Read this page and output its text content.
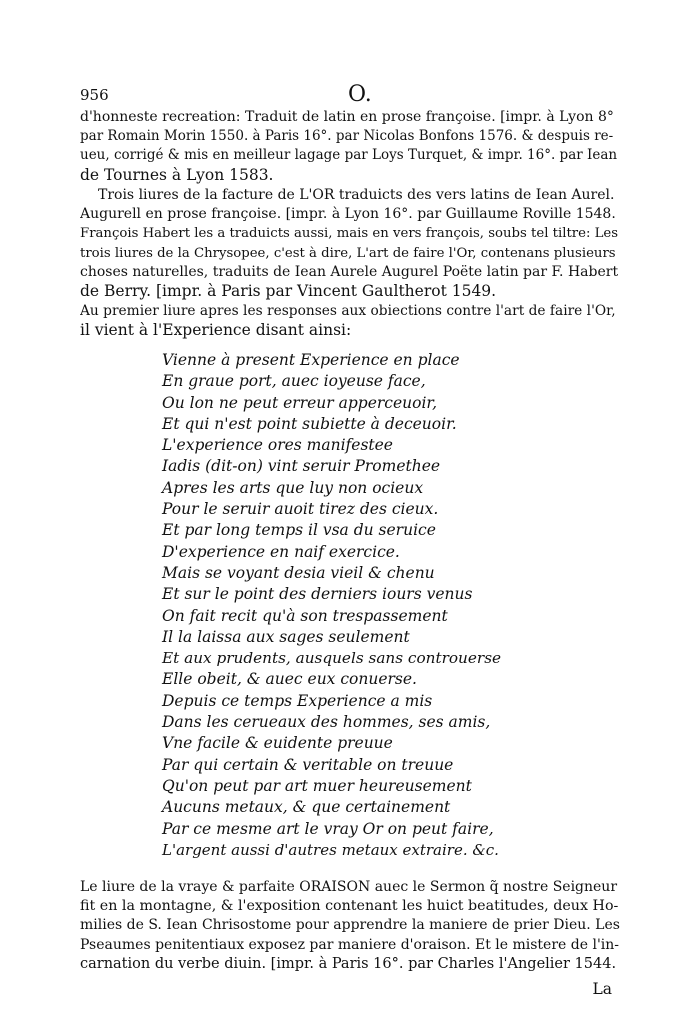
956	O.
d'honneste recreation: Traduit de latin en prose françoise. [impr. à Lyon 8°
par Romain Morin 1550. à Paris 16°. par Nicolas Bonfons 1576. & despuis re-
ueu, corrigé & mis en meilleur lagage par Loys Turquet, & impr. 16°. par Iean
de Tournes à Lyon 1583.
Trois liures de la facture de L'OR traduicts des vers latins de Iean Aurel.
Augurell en prose françoise. [impr. à Lyon 16°. par Guillaume Roville 1548.
François Habert les a traduicts aussi, mais en vers françois, soubs tel tiltre: Les
trois liures de la Chrysopee, c'est à dire, L'art de faire l'Or, contenans plusieurs
choses naturelles, traduits de Iean Aurele Augurel Poëte latin par F. Habert
de Berry. [impr. à Paris par Vincent Gaultherot 1549.
Au premier liure apres les responses aux obiections contre l'art de faire l'Or,
il vient à l'Experience disant ainsi:
Vienne à present Experience en place
En graue port, auec ioyeuse face,
Ou lon ne peut erreur apperceuoir,
Et qui n'est point subiette à deceuoir.
L'experience ores manifestee
Iadis (dit-on) vint seruir Promethee
Apres les arts que luy non ocieux
Pour le seruir auoit tirez des cieux.
Et par long temps il vsa du seruice
D'experience en naif exercice.
Mais se voyant desia vieil & chenu
Et sur le point des derniers iours venus
On fait recit qu'à son trespassement
Il la laissa aux sages seulement
Et aux prudents, ausquels sans controuerse
Elle obeit, & auec eux conuerse.
Depuis ce temps Experience a mis
Dans les cerueaux des hommes, ses amis,
Vne facile & euidente preuue
Par qui certain & veritable on treuue
Qu'on peut par art muer heureusement
Aucuns metaux, & que certainement
Par ce mesme art le vray Or on peut faire,
L'argent aussi d'autres metaux extraire. &c.
Le liure de la vraye & parfaite ORAISON auec le Sermon q̃ nostre Seigneur
fit en la montagne, & l'exposition contenant les huict beatitudes, deux Ho-
milies de S. Iean Chrisostome pour apprendre la maniere de prier Dieu. Les
Pseaumes penitentiaux exposez par maniere d'oraison. Et le mistere de l'in-
carnation du verbe diuin. [impr. à Paris 16°. par Charles l'Angelier 1544.
La
